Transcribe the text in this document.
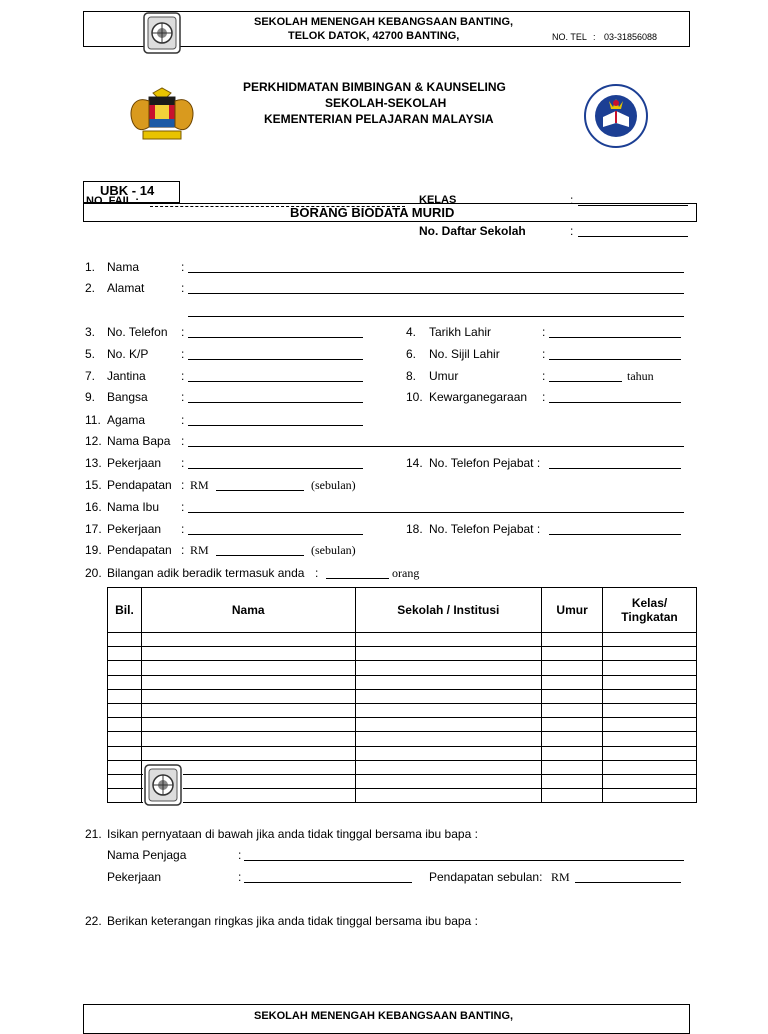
SEKOLAH MENENGAH KEBANGSAAN BANTING,
TELOK DATOK, 42700 BANTING,	NO. TEL : 03-31856088
PERKHIDMATAN BIMBINGAN & KAUNSELING
SEKOLAH-SEKOLAH
KEMENTERIAN PELAJARAN MALAYSIA
UBK - 14
NO. FAIL :	KELAS	:
BORANG BIODATA MURID
No. Daftar Sekolah	:
1. Nama	:
2. Alamat	:
3. No. Telefon :	4. Tarikh Lahir	:
5. No. K/P	:	6. No. Sijil Lahir	:
7. Jantina	:	8. Umur	:	tahun
9. Bangsa	:	10. Kewarganegaraan :
11. Agama	:
12. Nama Bapa :
13. Pekerjaan :	14. No. Telefon Pejabat :
15. Pendapatan : RM	(sebulan)
16. Nama Ibu :
17. Pekerjaan :	18. No. Telefon Pejabat :
19. Pendapatan : RM	(sebulan)
20. Bilangan adik beradik termasuk anda :	orang
Bil.	Nama	Sekolah / Institusi	Umur	Kelas/
Tingkatan

21. Isikan pernyataan di bawah jika anda tidak tinggal bersama ibu bapa :
Nama Penjaga	:
Pekerjaan	:	Pendapatan sebulan: RM
22. Berikan keterangan ringkas jika anda tidak tinggal bersama ibu bapa :
SEKOLAH MENENGAH KEBANGSAAN BANTING,
